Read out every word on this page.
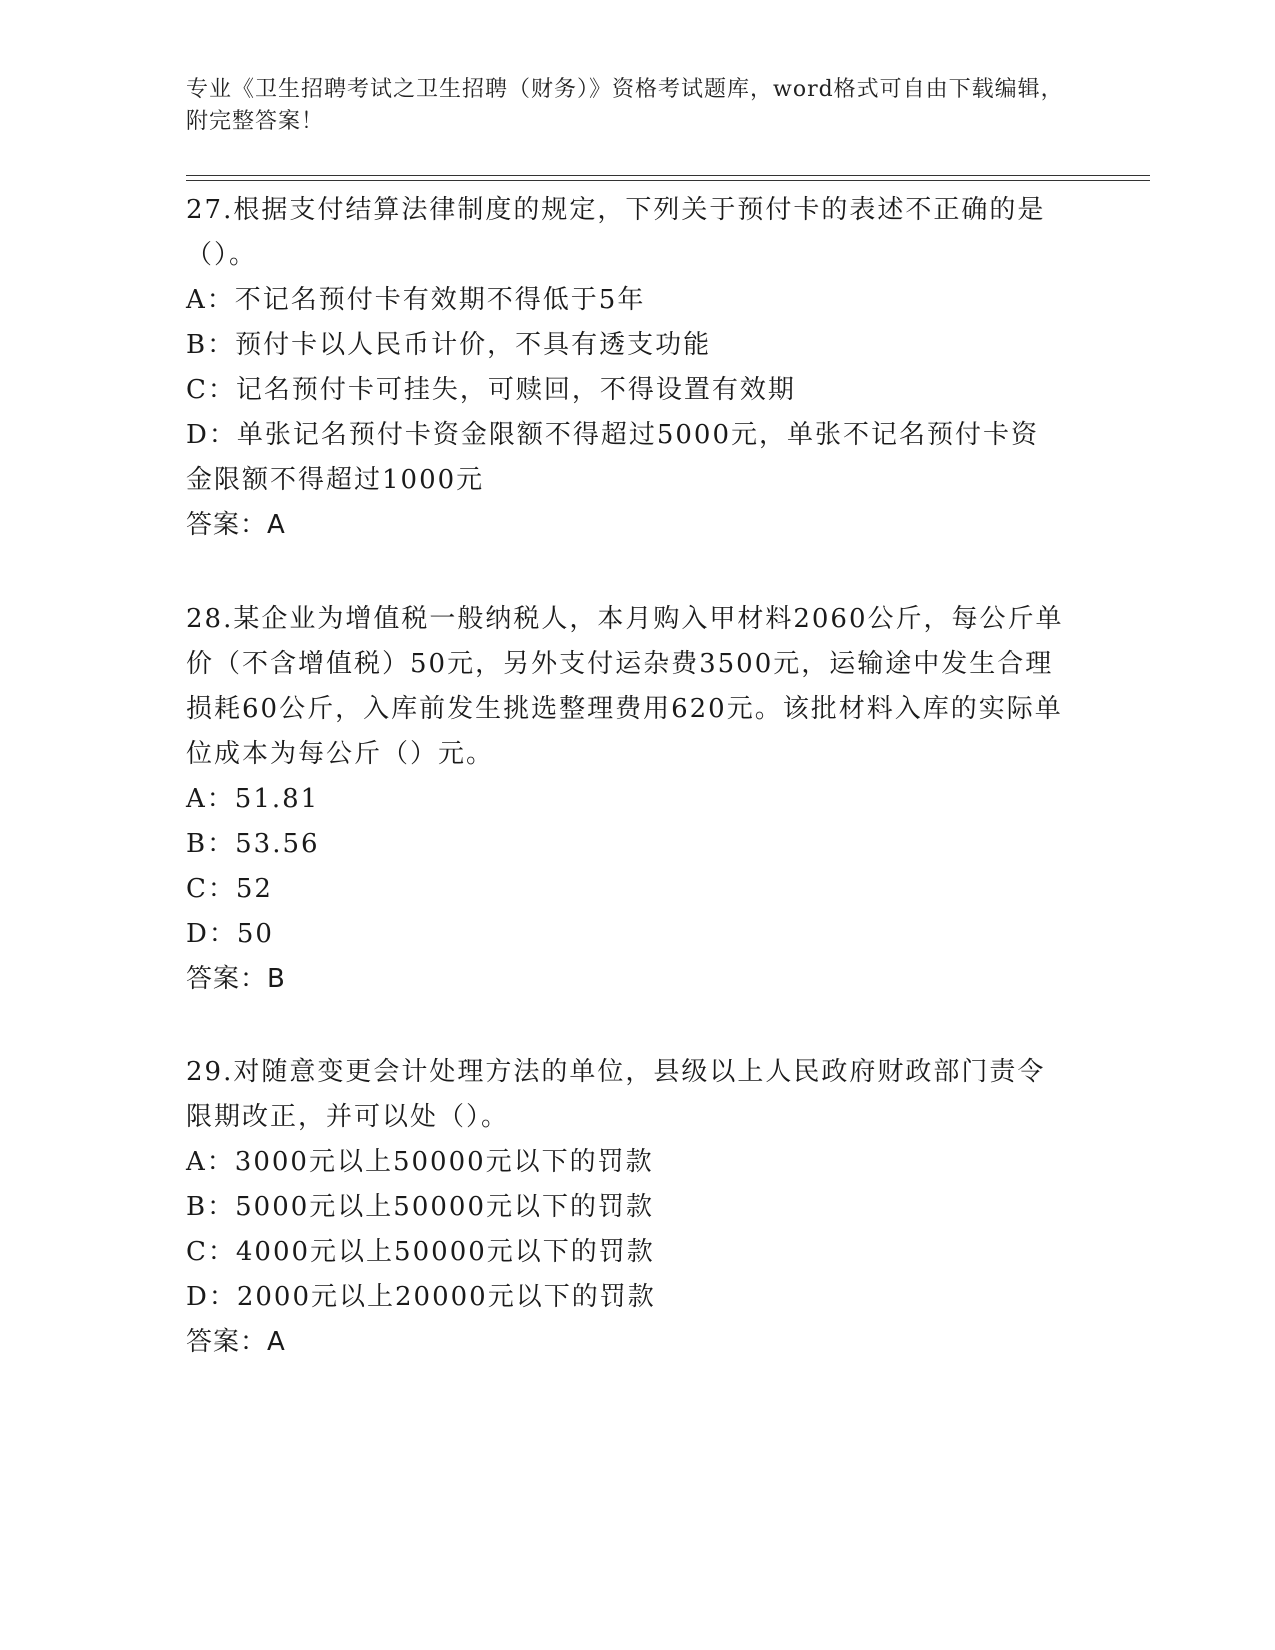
专业《卫生招聘考试之卫生招聘（财务）》资格考试题库，word格式可自由下载编辑，附完整答案！

27.根据支付结算法律制度的规定，下列关于预付卡的表述不正确的是（）。

A：不记名预付卡有效期不得低于5年

B：预付卡以人民币计价，不具有透支功能

C：记名预付卡可挂失，可赎回，不得设置有效期

D：单张记名预付卡资金限额不得超过5000元，单张不记名预付卡资金限额不得超过1000元

答案：A

28.某企业为增值税一般纳税人，本月购入甲材料2060公斤，每公斤单价（不含增值税）50元，另外支付运杂费3500元，运输途中发生合理损耗60公斤，入库前发生挑选整理费用620元。该批材料入库的实际单位成本为每公斤（）元。

A：51.81

B：53.56

C：52

D：50

答案：B

29.对随意变更会计处理方法的单位，县级以上人民政府财政部门责令限期改正，并可以处（）。

A：3000元以上50000元以下的罚款

B：5000元以上50000元以下的罚款

C：4000元以上50000元以下的罚款

D：2000元以上20000元以下的罚款

答案：A
